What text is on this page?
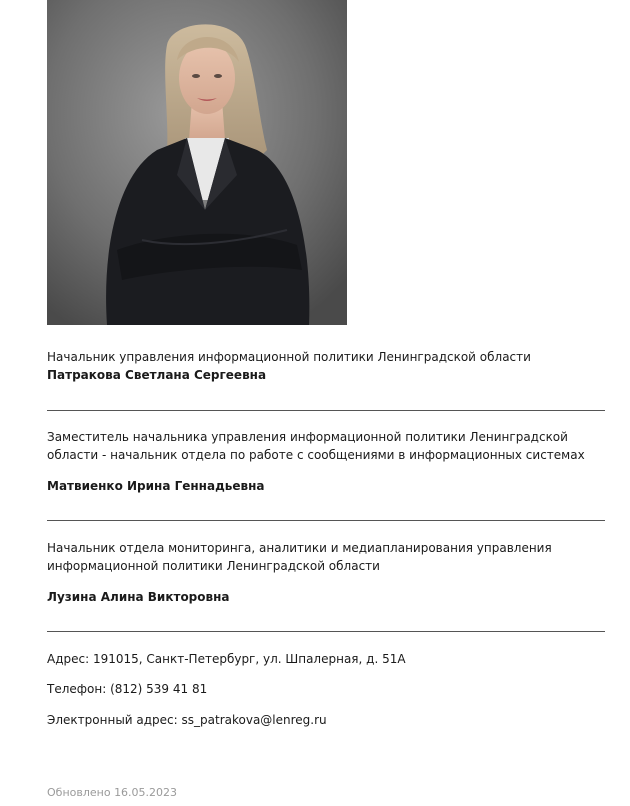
Начальник управления информационной политики Ленинградской области

Патракова Светлана Сергеевна

Заместитель начальника управления информационной политики Ленинградской

области - начальник отдела по работе с сообщениями в информационных системах

Матвиенко Ирина Геннадьевна

Начальник отдела мониторинга, аналитики и медиапланирования управления

информационной политики Ленинградской области

Лузина Алина Викторовна

Адрес: 191015, Санкт-Петербург, ул. Шпалерная, д. 51А

Телефон: (812) 539 41 81

Электронный адрес: ss_patrakova@lenreg.ru

Обновлено 16.05.2023
